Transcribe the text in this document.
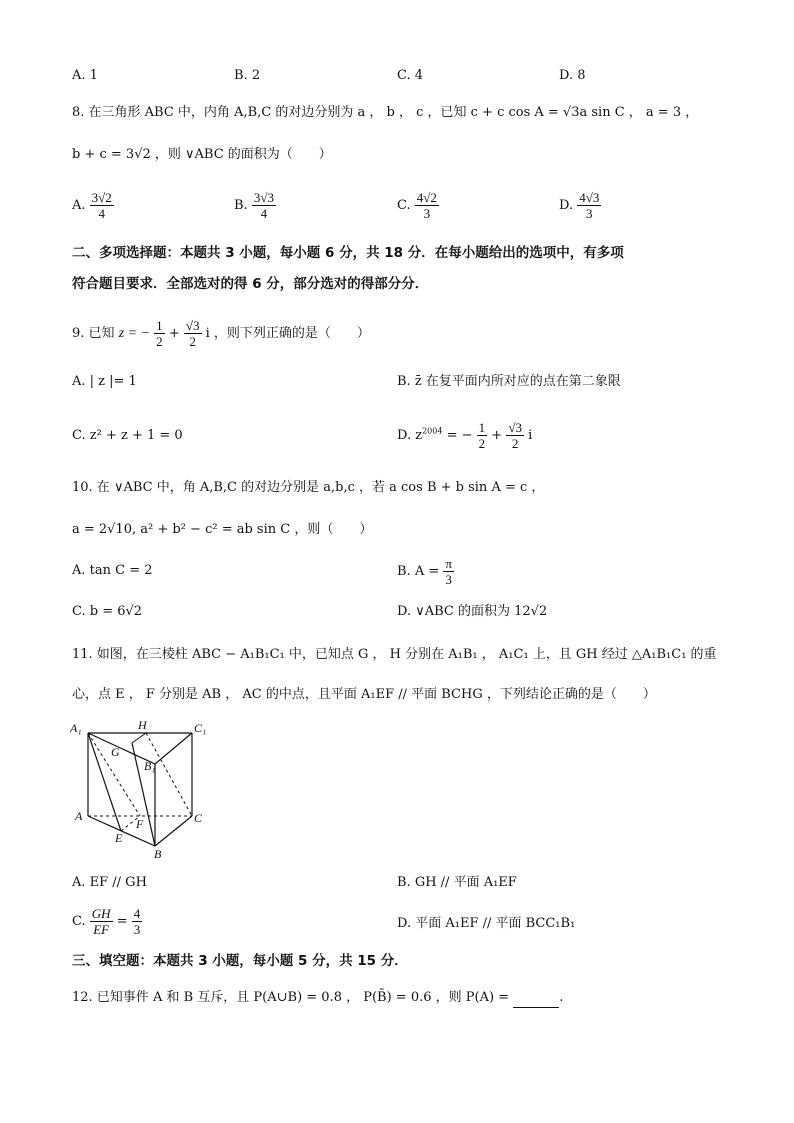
A. 1	B. 2	C. 4	D. 8
8. 在三角形 ABC 中，内角 A,B,C 的对边分别为 a ， b ， c ，已知 c + c cos A = √3a sin C ， a = 3 ，
b + c = 3√2 ，则 ∨ABC 的面积为（　　）
A. $\frac{3√2}{4}$	B. $\frac{3√3}{4}$	C. $\frac{4√2}{3}$	D. $\frac{4√3}{3}$
二、多项选择题：本题共 3 小题，每小题 6 分，共 18 分．在每小题给出的选项中，有多项
符合题目要求．全部选对的得 6 分，部分选对的得部分分．
9. 已知 z = − $\frac{1}{2} + \frac{√3}{2}$ i ，则下列正确的是（　　）
A. | z |= 1	B. z̄ 在复平面内所对应的点在第二象限
C. z² + z + 1 = 0	D. $z^{2004}$ = − $\frac{1}{2} + \frac{√3}{2}$ i
10. 在 ∨ABC 中，角 A,B,C 的对边分别是 a,b,c ，若 a cos B + b sin A = c ，
a = 2√10, a² + b² − c² = ab sin C ，则（　　）
A. tan C = 2	B. $A = \frac{\pi}{3}$
C. b = 6√2	D. ∨ABC 的面积为 12√2
11. 如图，在三棱柱 ABC − A₁B₁C₁ 中，已知点 G ， H 分别在 A₁B₁ ， A₁C₁ 上，且 GH 经过 △A₁B₁C₁ 的重
心，点 E ， F 分别是 AB ， AC 的中点，且平面 A₁EF // 平面 BCHG ，下列结论正确的是（　　）
A₁	H	C₁
G
B₁
A
F	C
E
B
A. EF // GH	B. GH // 平面 A₁EF
C. $\frac{GH}{EF} = \frac{4}{3}$	D. 平面 A₁EF // 平面 BCC₁B₁
三、填空题：本题共 3 小题，每小题 5 分，共 15 分．
12. 已知事件 A 和 B 互斥，且 P(A∪B) = 0.8 ， P(B̄) = 0.6 ，则 P(A) =	.
